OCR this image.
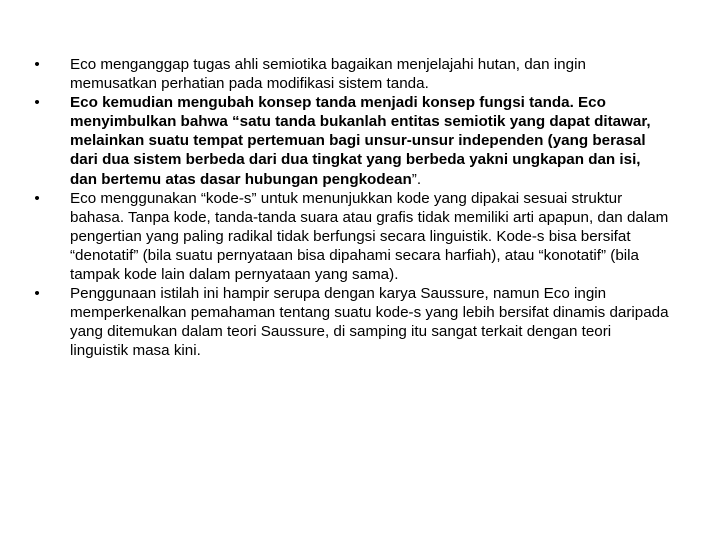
• Eco menganggap tugas ahli semiotika bagaikan menjelajahi hutan, dan ingin memusatkan perhatian pada modifikasi sistem tanda.
• Eco kemudian mengubah konsep tanda menjadi konsep fungsi tanda. Eco menyimbulkan bahwa “satu tanda bukanlah entitas semiotik yang dapat ditawar, melainkan suatu tempat pertemuan bagi unsur-unsur independen (yang berasal dari dua sistem berbeda dari dua tingkat yang berbeda yakni ungkapan dan isi, dan bertemu atas dasar hubungan pengkodean”.
• Eco menggunakan “kode-s” untuk menunjukkan kode yang dipakai sesuai struktur bahasa. Tanpa kode, tanda-tanda suara atau grafis tidak memiliki arti apapun, dan dalam pengertian yang paling radikal tidak berfungsi secara linguistik. Kode-s bisa bersifat “denotatif” (bila suatu pernyataan bisa dipahami secara harfiah), atau “konotatif” (bila tampak kode lain dalam pernyataan yang sama).
• Penggunaan istilah ini hampir serupa dengan karya Saussure, namun Eco ingin memperkenalkan pemahaman tentang suatu kode-s yang lebih bersifat dinamis daripada yang ditemukan dalam teori Saussure, di samping itu sangat terkait dengan teori linguistik masa kini.
